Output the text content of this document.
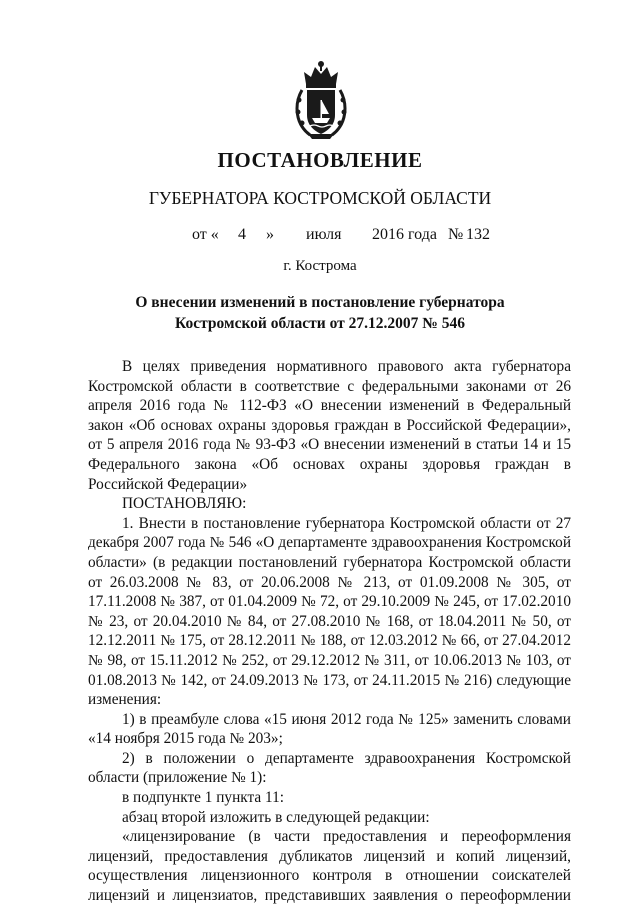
ПОСТАНОВЛЕНИЕ
ГУБЕРНАТОРА КОСТРОМСКОЙ ОБЛАСТИ
от « 4 » июля 2016 года № 132
г. Кострома
О внесении изменений в постановление губернатора
Костромской области от 27.12.2007 № 546

В целях приведения нормативного правового акта губернатора Костромской области в соответствие с федеральными законами от 26 апреля 2016 года № 112-ФЗ «О внесении изменений в Федеральный закон «Об основах охраны здоровья граждан в Российской Федерации», от 5 апреля 2016 года № 93-ФЗ «О внесении изменений в статьи 14 и 15 Федерального закона «Об основах охраны здоровья граждан в Российской Федерации»

ПОСТАНОВЛЯЮ:

1. Внести в постановление губернатора Костромской области от 27 декабря 2007 года № 546 «О департаменте здравоохранения Костромской области» (в редакции постановлений губернатора Костромской области от 26.03.2008 № 83, от 20.06.2008 № 213, от 01.09.2008 № 305, от 17.11.2008 № 387, от 01.04.2009 № 72, от 29.10.2009 № 245, от 17.02.2010 № 23, от 20.04.2010 № 84, от 27.08.2010 № 168, от 18.04.2011 № 50, от 12.12.2011 № 175, от 28.12.2011 № 188, от 12.03.2012 № 66, от 27.04.2012 № 98, от 15.11.2012 № 252, от 29.12.2012 № 311, от 10.06.2013 № 103, от 01.08.2013 № 142, от 24.09.2013 № 173, от 24.11.2015 № 216) следующие изменения:

1) в преамбуле слова «15 июня 2012 года № 125» заменить словами «14 ноября 2015 года № 203»;

2) в положении о департаменте здравоохранения Костромской области (приложение № 1):

в подпункте 1 пункта 11:

абзац второй изложить в следующей редакции:

«лицензирование (в части предоставления и переоформления лицензий, предоставления дубликатов лицензий и копий лицензий, осуществления лицензионного контроля в отношении соискателей лицензий и лицензиатов, представивших заявления о переоформлении
